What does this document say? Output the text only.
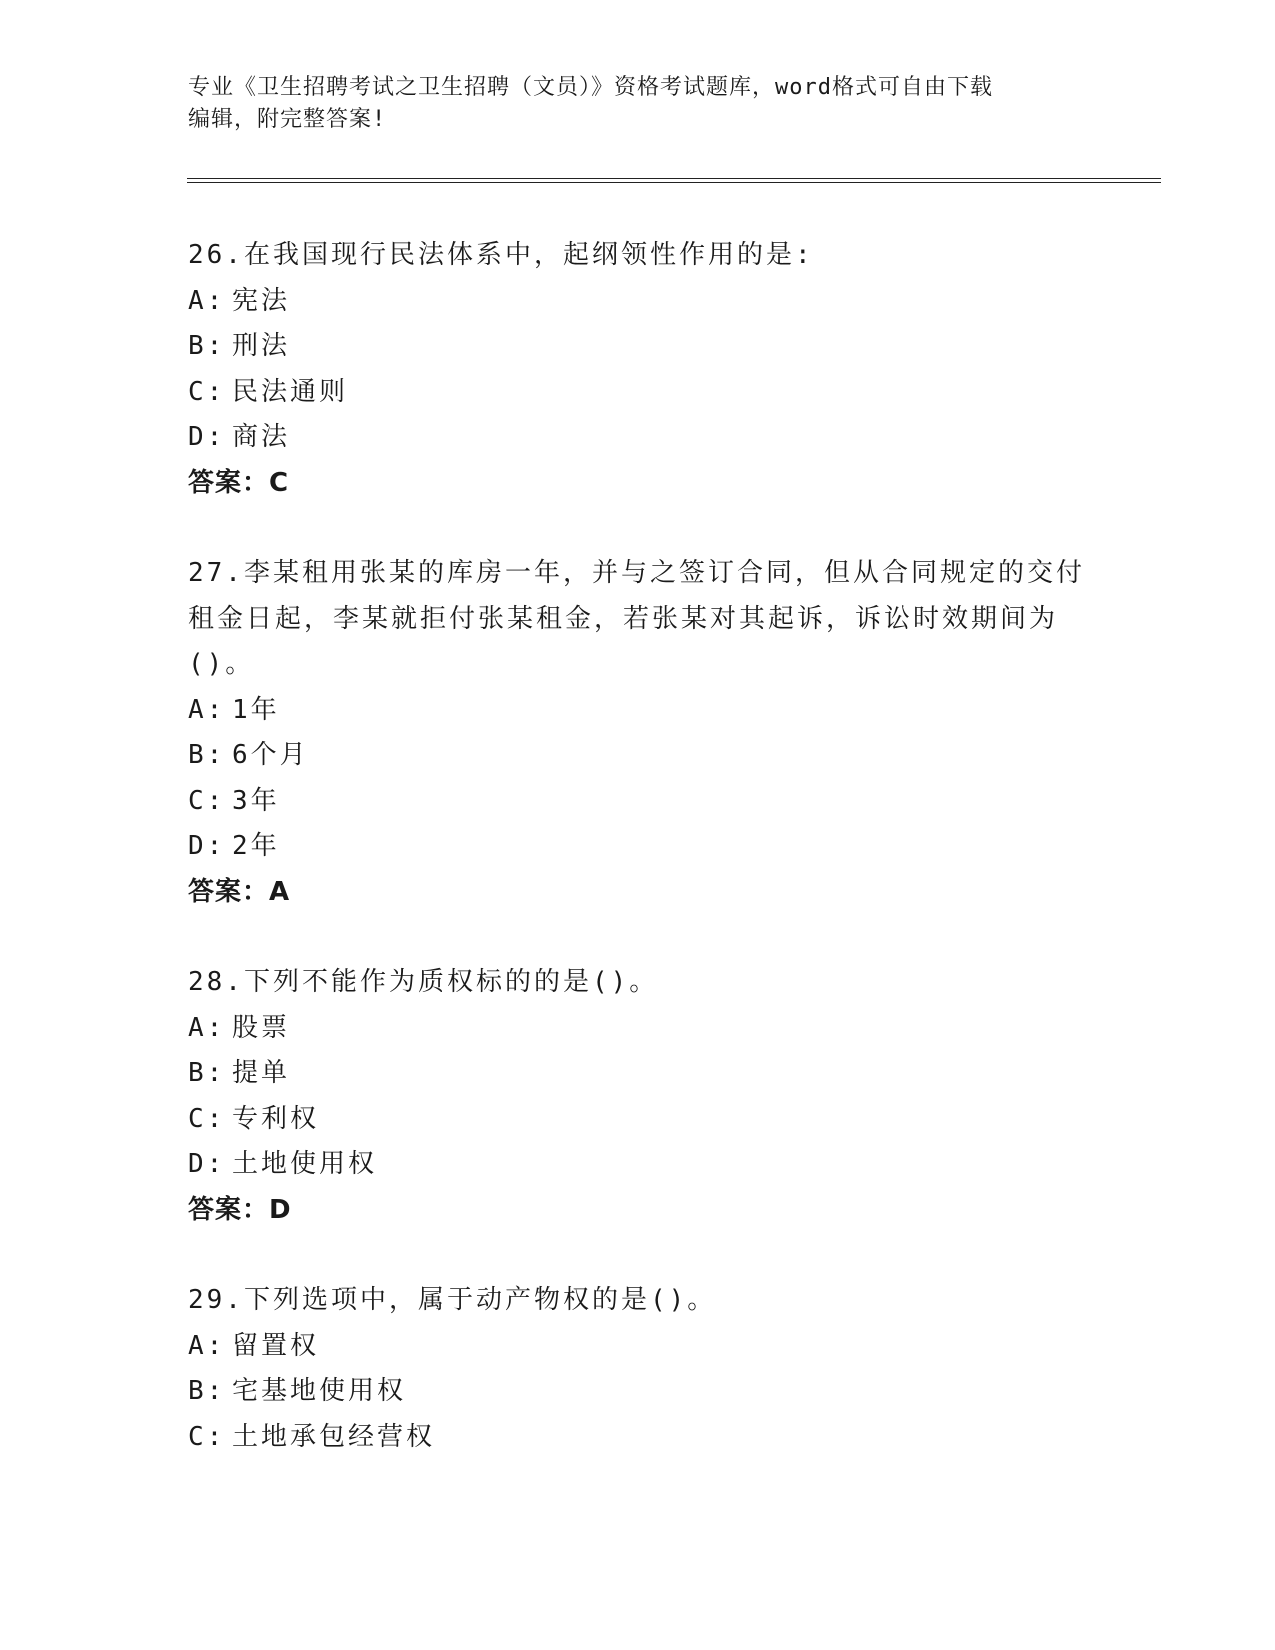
专业《卫生招聘考试之卫生招聘（文员）》资格考试题库，word格式可自由下载
编辑，附完整答案!
26.在我国现行民法体系中，起纲领性作用的是:
A: 宪法
B: 刑法
C: 民法通则
D: 商法
答案：C
27.李某租用张某的库房一年，并与之签订合同，但从合同规定的交付租金日起，李某就拒付张某租金，若张某对其起诉，诉讼时效期间为()。
A: 1年
B: 6个月
C: 3年
D: 2年
答案：A
28.下列不能作为质权标的的是()。
A: 股票
B: 提单
C: 专利权
D: 土地使用权
答案：D
29.下列选项中，属于动产物权的是()。
A: 留置权
B: 宅基地使用权
C: 土地承包经营权
